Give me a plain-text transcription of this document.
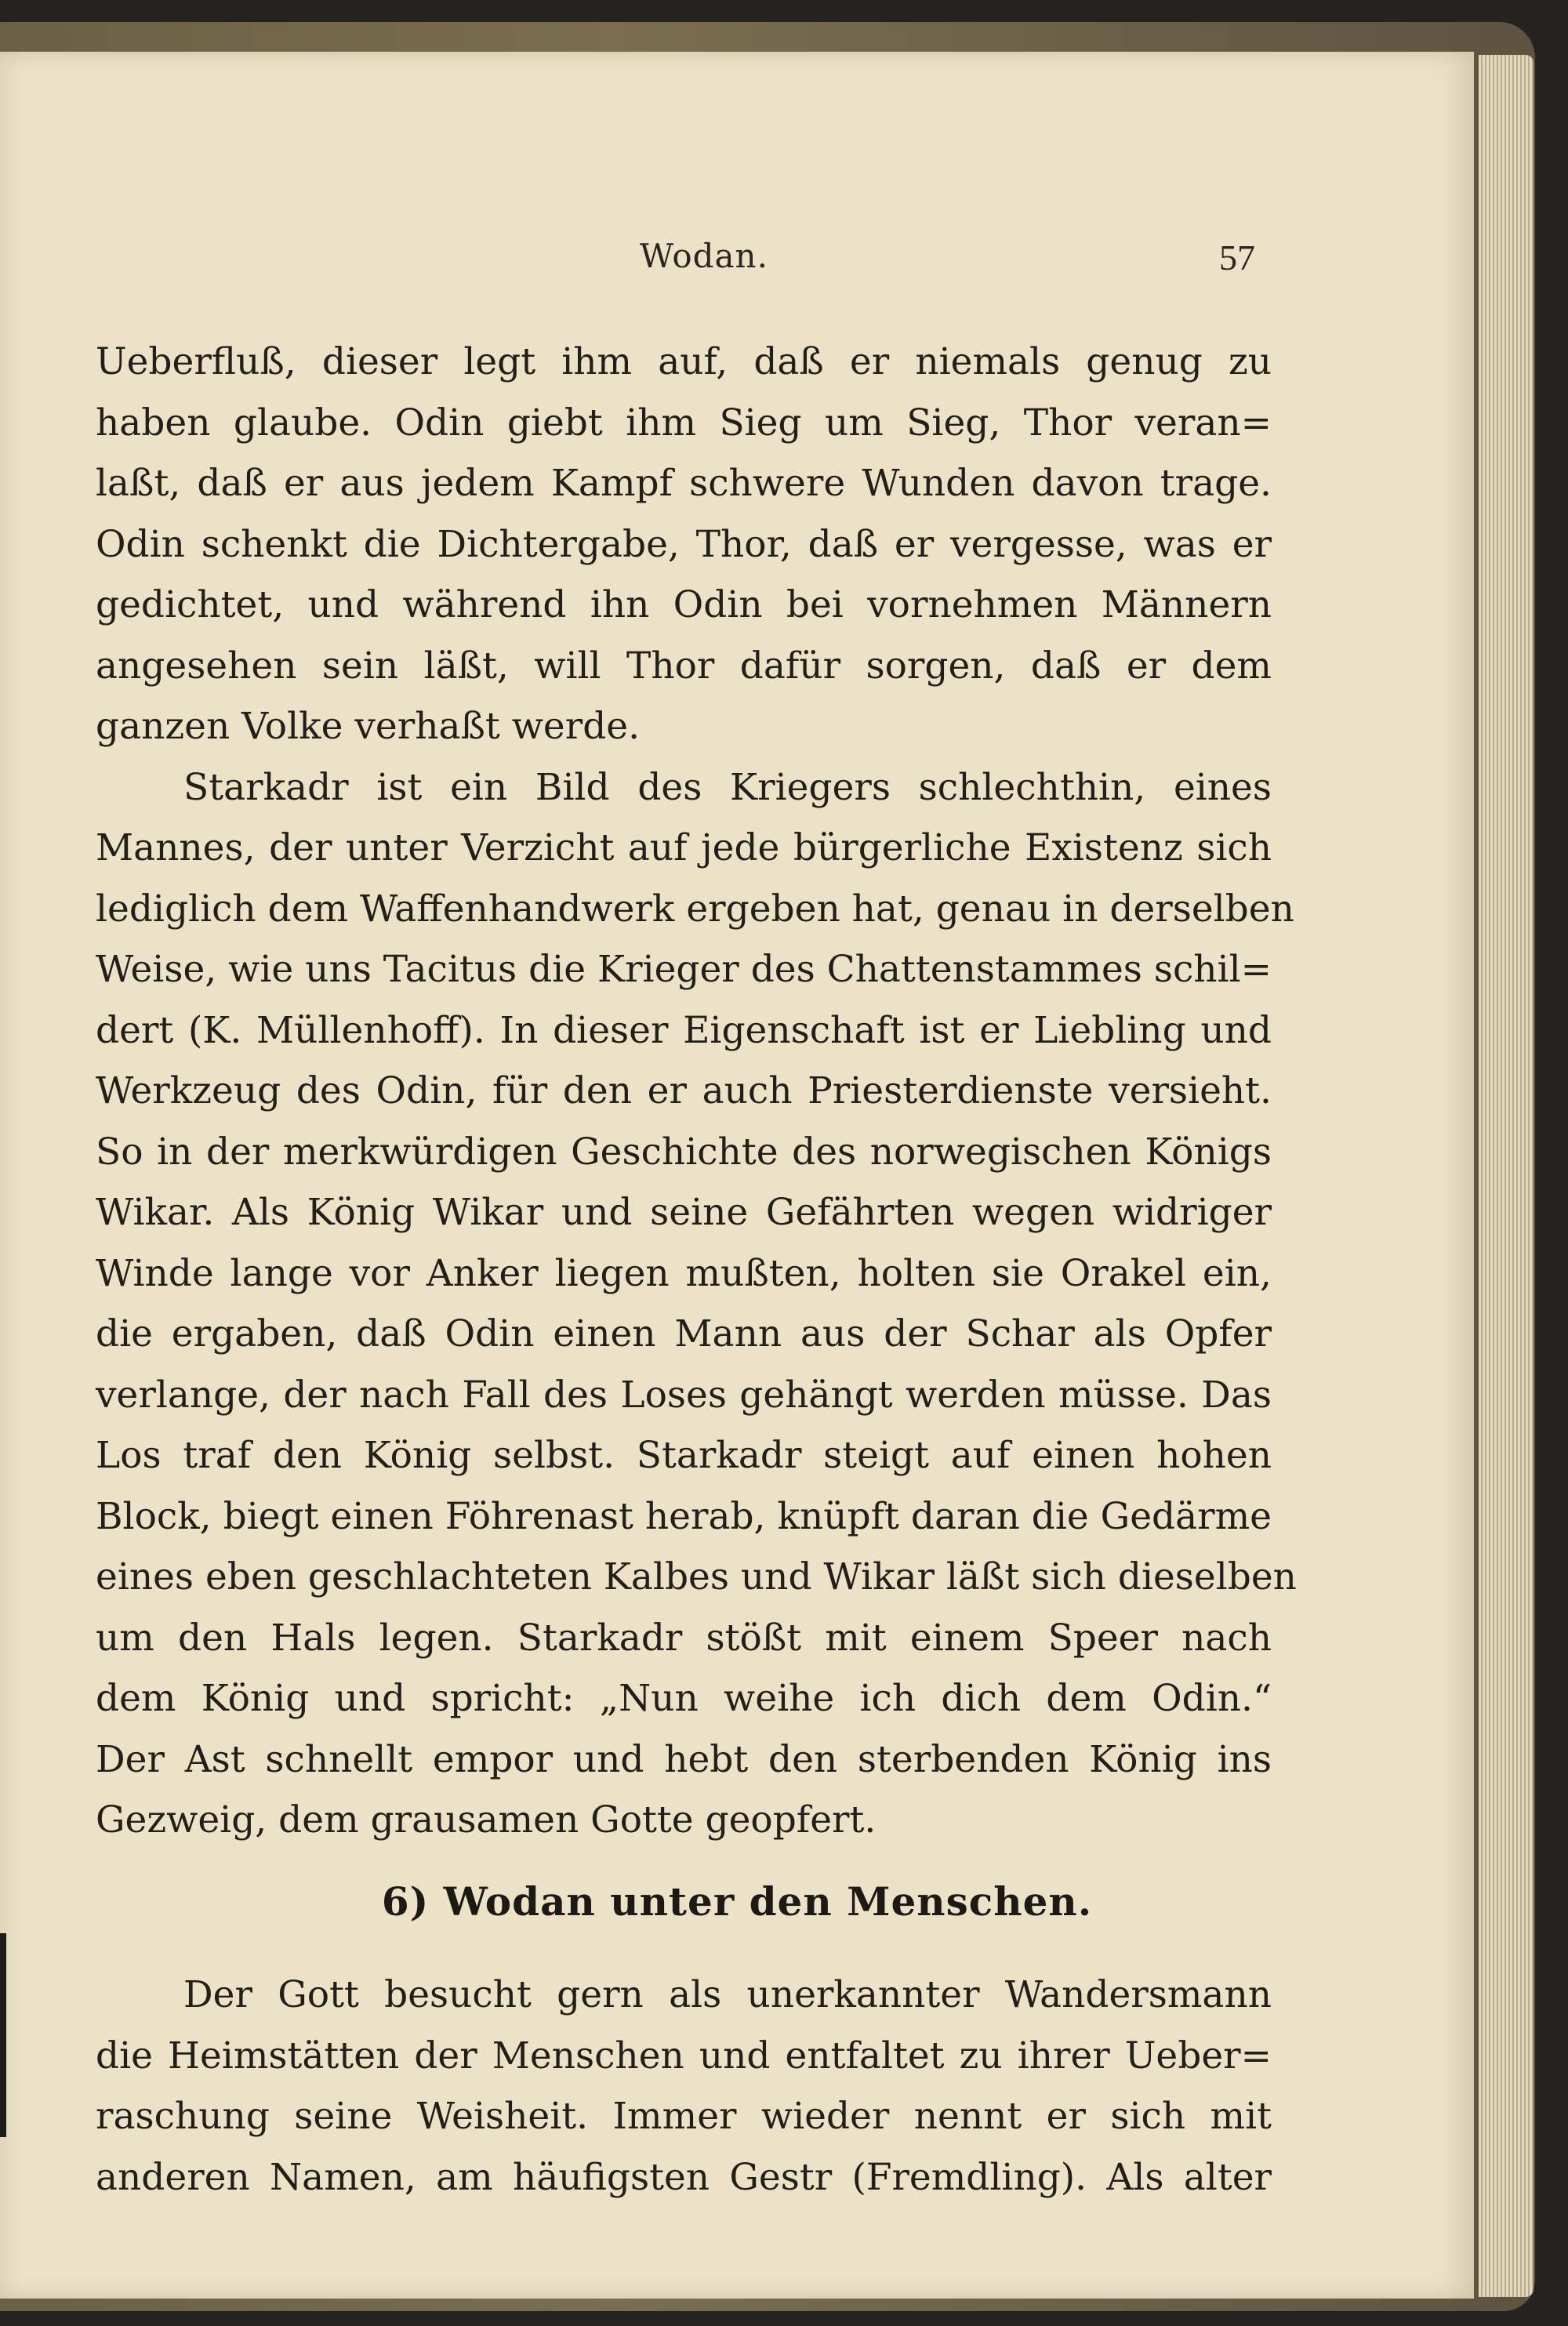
Wodan.	57
Ueberfluß, dieser legt ihm auf, daß er niemals genug zu
haben glaube. Odin giebt ihm Sieg um Sieg, Thor veran=
laßt, daß er aus jedem Kampf schwere Wunden davon trage.
Odin schenkt die Dichtergabe, Thor, daß er vergesse, was er
gedichtet, und während ihn Odin bei vornehmen Männern
angesehen sein läßt, will Thor dafür sorgen, daß er dem
ganzen Volke verhaßt werde.
Starkadr ist ein Bild des Kriegers schlechthin, eines
Mannes, der unter Verzicht auf jede bürgerliche Existenz sich
lediglich dem Waffenhandwerk ergeben hat, genau in derselben
Weise, wie uns Tacitus die Krieger des Chattenstammes schil=
dert (K. Müllenhoff). In dieser Eigenschaft ist er Liebling und
Werkzeug des Odin, für den er auch Priesterdienste versieht.
So in der merkwürdigen Geschichte des norwegischen Königs
Wikar. Als König Wikar und seine Gefährten wegen widriger
Winde lange vor Anker liegen mußten, holten sie Orakel ein,
die ergaben, daß Odin einen Mann aus der Schar als Opfer
verlange, der nach Fall des Loses gehängt werden müsse. Das
Los traf den König selbst. Starkadr steigt auf einen hohen
Block, biegt einen Föhrenast herab, knüpft daran die Gedärme
eines eben geschlachteten Kalbes und Wikar läßt sich dieselben
um den Hals legen. Starkadr stößt mit einem Speer nach
dem König und spricht: „Nun weihe ich dich dem Odin.“
Der Ast schnellt empor und hebt den sterbenden König ins
Gezweig, dem grausamen Gotte geopfert.
6) Wodan unter den Menschen.
Der Gott besucht gern als unerkannter Wandersmann
die Heimstätten der Menschen und entfaltet zu ihrer Ueber=
raschung seine Weisheit. Immer wieder nennt er sich mit
anderen Namen, am häufigsten Gestr (Fremdling). Als alter
